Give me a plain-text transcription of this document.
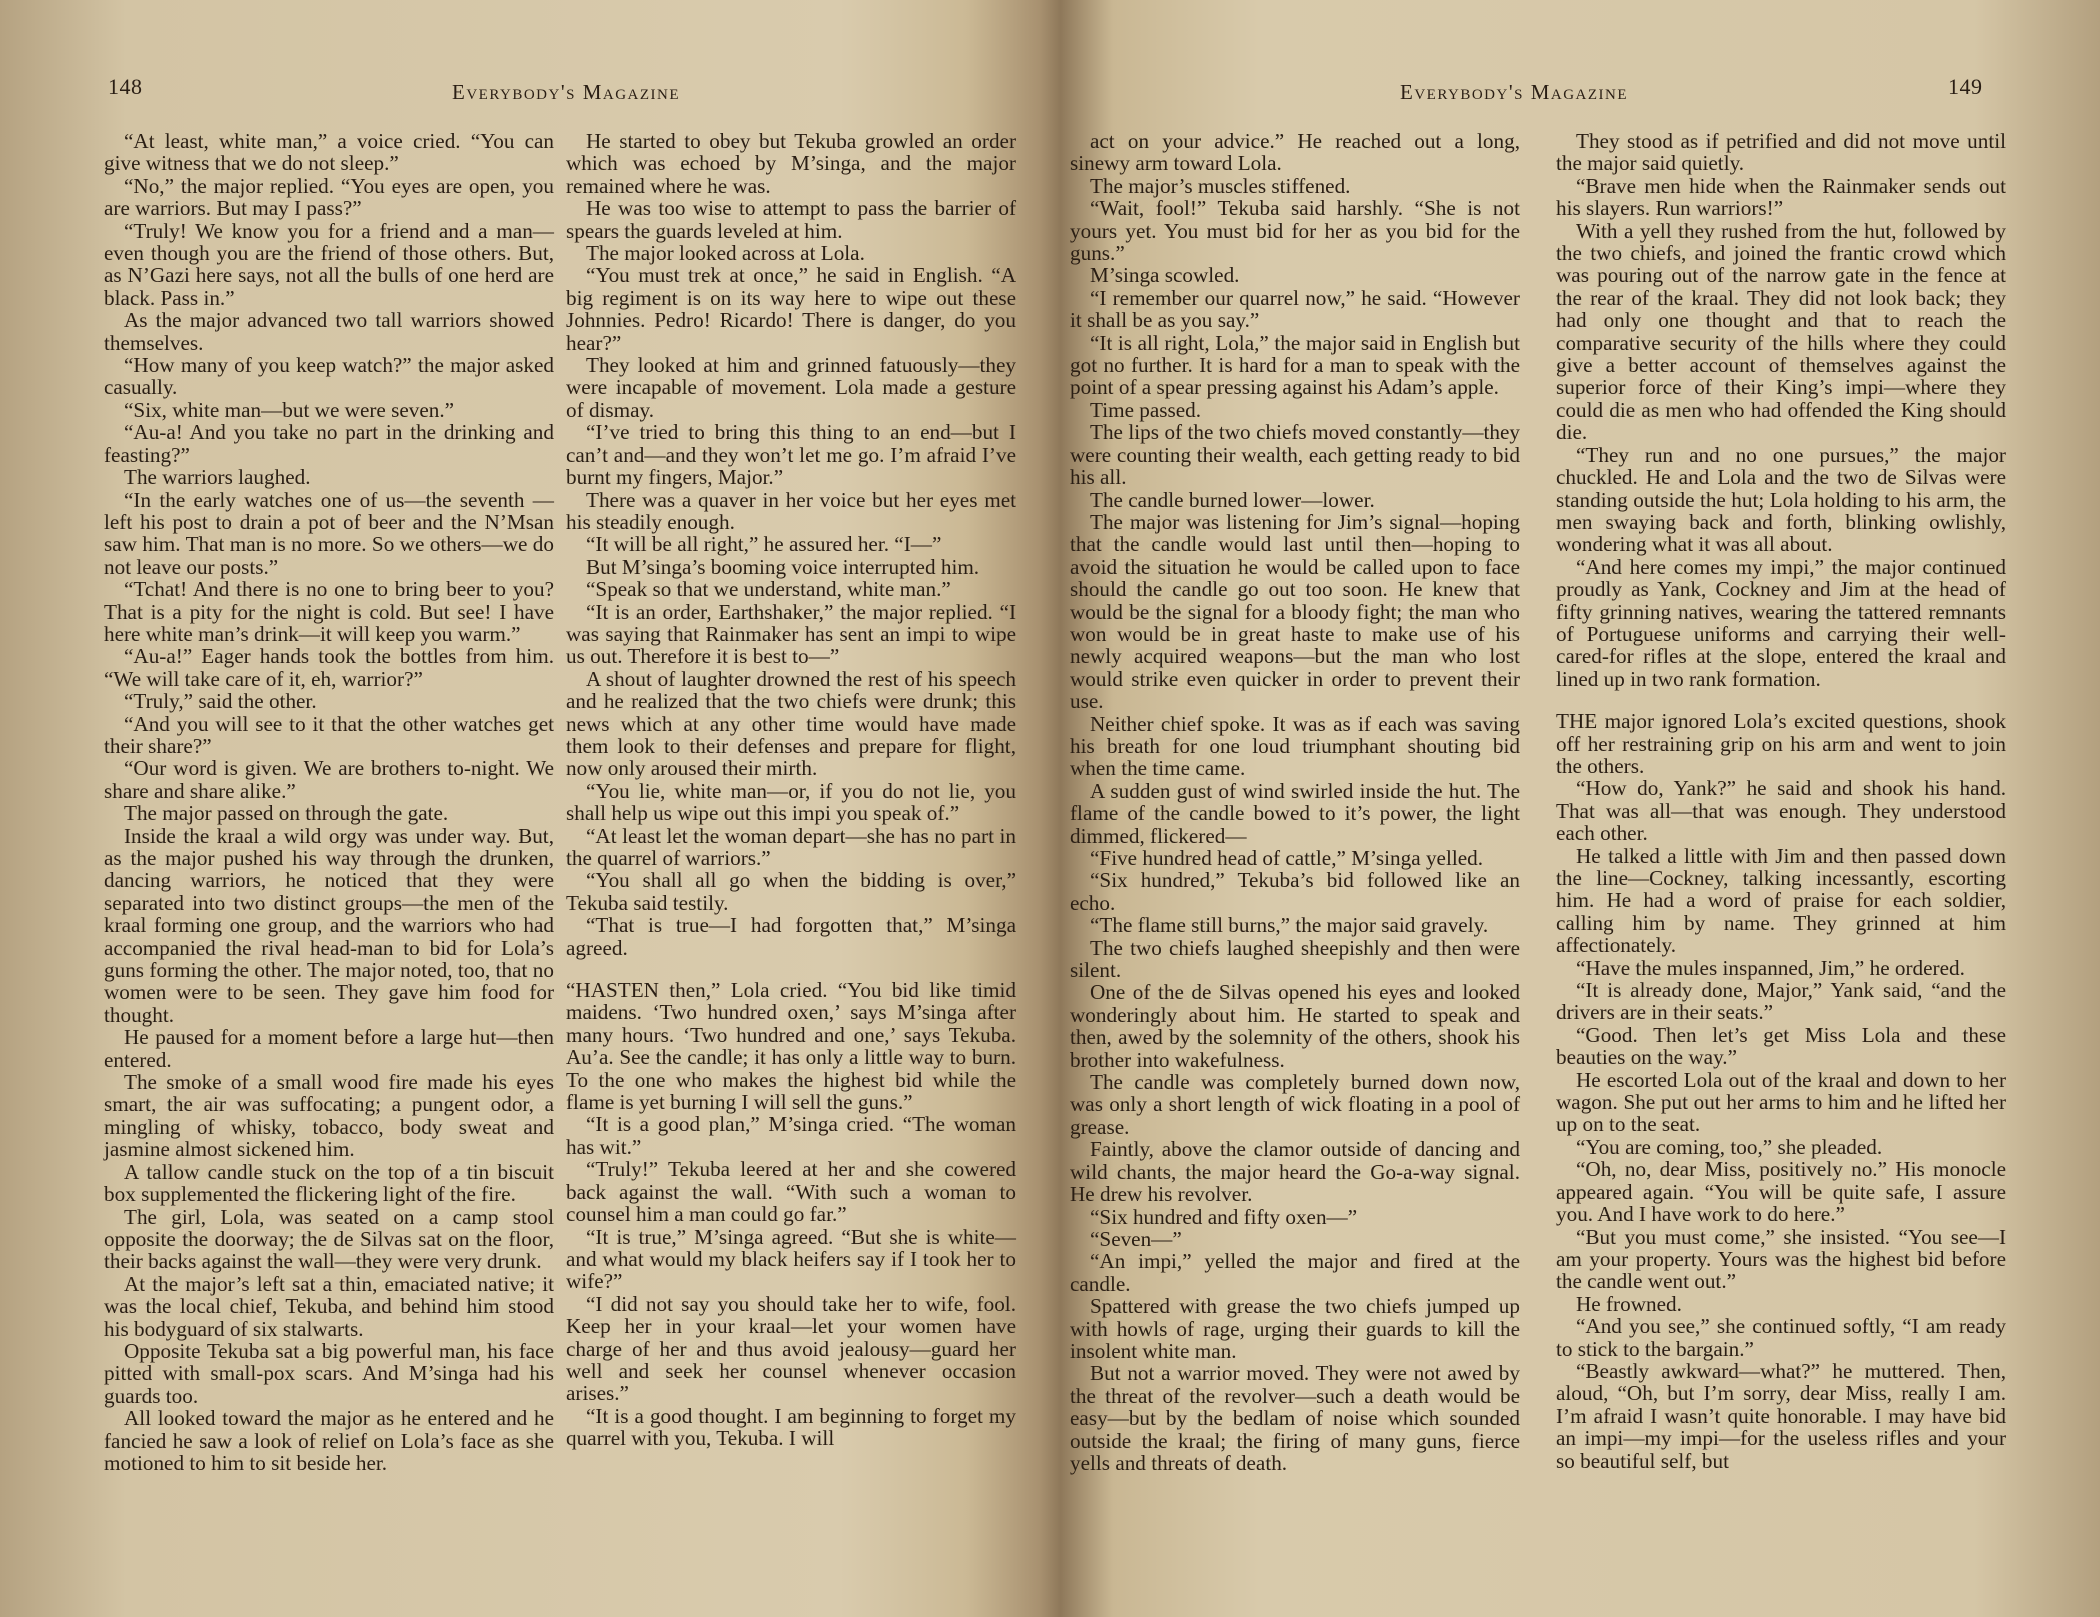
148	Everybody's Magazine

“At least, white man,” a voice cried. “You can give witness that we do not sleep.”

“No,” the major replied. “You eyes are open, you are warriors. But may I pass?”

“Truly! We know you for a friend and a man—even though you are the friend of those others. But, as N’Gazi here says, not all the bulls of one herd are black. Pass in.”

As the major advanced two tall warriors showed themselves.

“How many of you keep watch?” the major asked casually.

“Six, white man—but we were seven.”

“Au-a! And you take no part in the drinking and feasting?”

The warriors laughed.

“In the early watches one of us—the seventh —left his post to drain a pot of beer and the N’Msan saw him. That man is no more. So we others—we do not leave our posts.”

“Tchat! And there is no one to bring beer to you? That is a pity for the night is cold. But see! I have here white man’s drink—it will keep you warm.”

“Au-a!” Eager hands took the bottles from him. “We will take care of it, eh, warrior?”

“Truly,” said the other.

“And you will see to it that the other watches get their share?”

“Our word is given. We are brothers to-night. We share and share alike.”

The major passed on through the gate.

Inside the kraal a wild orgy was under way. But, as the major pushed his way through the drunken, dancing warriors, he noticed that they were separated into two distinct groups—the men of the kraal forming one group, and the warriors who had accompanied the rival head-man to bid for Lola’s guns forming the other. The major noted, too, that no women were to be seen. They gave him food for thought.

He paused for a moment before a large hut—then entered.

The smoke of a small wood fire made his eyes smart, the air was suffocating; a pungent odor, a mingling of whisky, tobacco, body sweat and jasmine almost sickened him.

A tallow candle stuck on the top of a tin biscuit box supplemented the flickering light of the fire.

The girl, Lola, was seated on a camp stool opposite the doorway; the de Silvas sat on the floor, their backs against the wall—they were very drunk.

At the major’s left sat a thin, emaciated native; it was the local chief, Tekuba, and behind him stood his bodyguard of six stalwarts.

Opposite Tekuba sat a big powerful man, his face pitted with small-pox scars. And M’singa had his guards too.

All looked toward the major as he entered and he fancied he saw a look of relief on Lola’s face as she motioned to him to sit beside her.

He started to obey but Tekuba growled an order which was echoed by M’singa, and the major remained where he was.

He was too wise to attempt to pass the barrier of spears the guards leveled at him.

The major looked across at Lola.

“You must trek at once,” he said in English. “A big regiment is on its way here to wipe out these Johnnies. Pedro! Ricardo! There is danger, do you hear?”

They looked at him and grinned fatuously—they were incapable of movement. Lola made a gesture of dismay.

“I’ve tried to bring this thing to an end—but I can’t and—and they won’t let me go. I’m afraid I’ve burnt my fingers, Major.”

There was a quaver in her voice but her eyes met his steadily enough.

“It will be all right,” he assured her. “I—”

But M’singa’s booming voice interrupted him.

“Speak so that we understand, white man.”

“It is an order, Earthshaker,” the major replied. “I was saying that Rainmaker has sent an impi to wipe us out. Therefore it is best to—”

A shout of laughter drowned the rest of his speech and he realized that the two chiefs were drunk; this news which at any other time would have made them look to their defenses and prepare for flight, now only aroused their mirth.

“You lie, white man—or, if you do not lie, you shall help us wipe out this impi you speak of.”

“At least let the woman depart—she has no part in the quarrel of warriors.”

“You shall all go when the bidding is over,” Tekuba said testily.

“That is true—I had forgotten that,” M’singa agreed.

“HASTEN then,” Lola cried. “You bid like timid maidens. ‘Two hundred oxen,’ says M’singa after many hours. ‘Two hundred and one,’ says Tekuba. Au’a. See the candle; it has only a little way to burn. To the one who makes the highest bid while the flame is yet burning I will sell the guns.”

“It is a good plan,” M’singa cried. “The woman has wit.”

“Truly!” Tekuba leered at her and she cowered back against the wall. “With such a woman to counsel him a man could go far.”

“It is true,” M’singa agreed. “But she is white—and what would my black heifers say if I took her to wife?”

“I did not say you should take her to wife, fool. Keep her in your kraal—let your women have charge of her and thus avoid jealousy—guard her well and seek her counsel whenever occasion arises.”

“It is a good thought. I am beginning to forget my quarrel with you, Tekuba. I will

Everybody's Magazine	149

act on your advice.” He reached out a long, sinewy arm toward Lola.

The major’s muscles stiffened.

“Wait, fool!” Tekuba said harshly. “She is not yours yet. You must bid for her as you bid for the guns.”

M’singa scowled.

“I remember our quarrel now,” he said. “However it shall be as you say.”

“It is all right, Lola,” the major said in English but got no further. It is hard for a man to speak with the point of a spear pressing against his Adam’s apple.

Time passed.

The lips of the two chiefs moved constantly—they were counting their wealth, each getting ready to bid his all.

The candle burned lower—lower.

The major was listening for Jim’s signal—hoping that the candle would last until then—hoping to avoid the situation he would be called upon to face should the candle go out too soon. He knew that would be the signal for a bloody fight; the man who won would be in great haste to make use of his newly acquired weapons—but the man who lost would strike even quicker in order to prevent their use.

Neither chief spoke. It was as if each was saving his breath for one loud triumphant shouting bid when the time came.

A sudden gust of wind swirled inside the hut. The flame of the candle bowed to it’s power, the light dimmed, flickered—

“Five hundred head of cattle,” M’singa yelled.

“Six hundred,” Tekuba’s bid followed like an echo.

“The flame still burns,” the major said gravely.

The two chiefs laughed sheepishly and then were silent.

One of the de Silvas opened his eyes and looked wonderingly about him. He started to speak and then, awed by the solemnity of the others, shook his brother into wakefulness.

The candle was completely burned down now, was only a short length of wick floating in a pool of grease.

Faintly, above the clamor outside of dancing and wild chants, the major heard the Go-a-way signal. He drew his revolver.

“Six hundred and fifty oxen—”

“Seven—”

“An impi,” yelled the major and fired at the candle.

Spattered with grease the two chiefs jumped up with howls of rage, urging their guards to kill the insolent white man.

But not a warrior moved. They were not awed by the threat of the revolver—such a death would be easy—but by the bedlam of noise which sounded outside the kraal; the firing of many guns, fierce yells and threats of death.

They stood as if petrified and did not move until the major said quietly.

“Brave men hide when the Rainmaker sends out his slayers. Run warriors!”

With a yell they rushed from the hut, followed by the two chiefs, and joined the frantic crowd which was pouring out of the narrow gate in the fence at the rear of the kraal. They did not look back; they had only one thought and that to reach the comparative security of the hills where they could give a better account of themselves against the superior force of their King’s impi—where they could die as men who had offended the King should die.

“They run and no one pursues,” the major chuckled. He and Lola and the two de Silvas were standing outside the hut; Lola holding to his arm, the men swaying back and forth, blinking owlishly, wondering what it was all about.

“And here comes my impi,” the major continued proudly as Yank, Cockney and Jim at the head of fifty grinning natives, wearing the tattered remnants of Portuguese uniforms and carrying their well-cared-for rifles at the slope, entered the kraal and lined up in two rank formation.

THE major ignored Lola’s excited questions, shook off her restraining grip on his arm and went to join the others.

“How do, Yank?” he said and shook his hand. That was all—that was enough. They understood each other.

He talked a little with Jim and then passed down the line—Cockney, talking incessantly, escorting him. He had a word of praise for each soldier, calling him by name. They grinned at him affectionately.

“Have the mules inspanned, Jim,” he ordered.

“It is already done, Major,” Yank said, “and the drivers are in their seats.”

“Good. Then let’s get Miss Lola and these beauties on the way.”

He escorted Lola out of the kraal and down to her wagon. She put out her arms to him and he lifted her up on to the seat.

“You are coming, too,” she pleaded.

“Oh, no, dear Miss, positively no.” His monocle appeared again. “You will be quite safe, I assure you. And I have work to do here.”

“But you must come,” she insisted. “You see—I am your property. Yours was the highest bid before the candle went out.”

He frowned.

“And you see,” she continued softly, “I am ready to stick to the bargain.”

“Beastly awkward—what?” he muttered. Then, aloud, “Oh, but I’m sorry, dear Miss, really I am. I’m afraid I wasn’t quite honorable. I may have bid an impi—my impi—for the useless rifles and your so beautiful self, but
